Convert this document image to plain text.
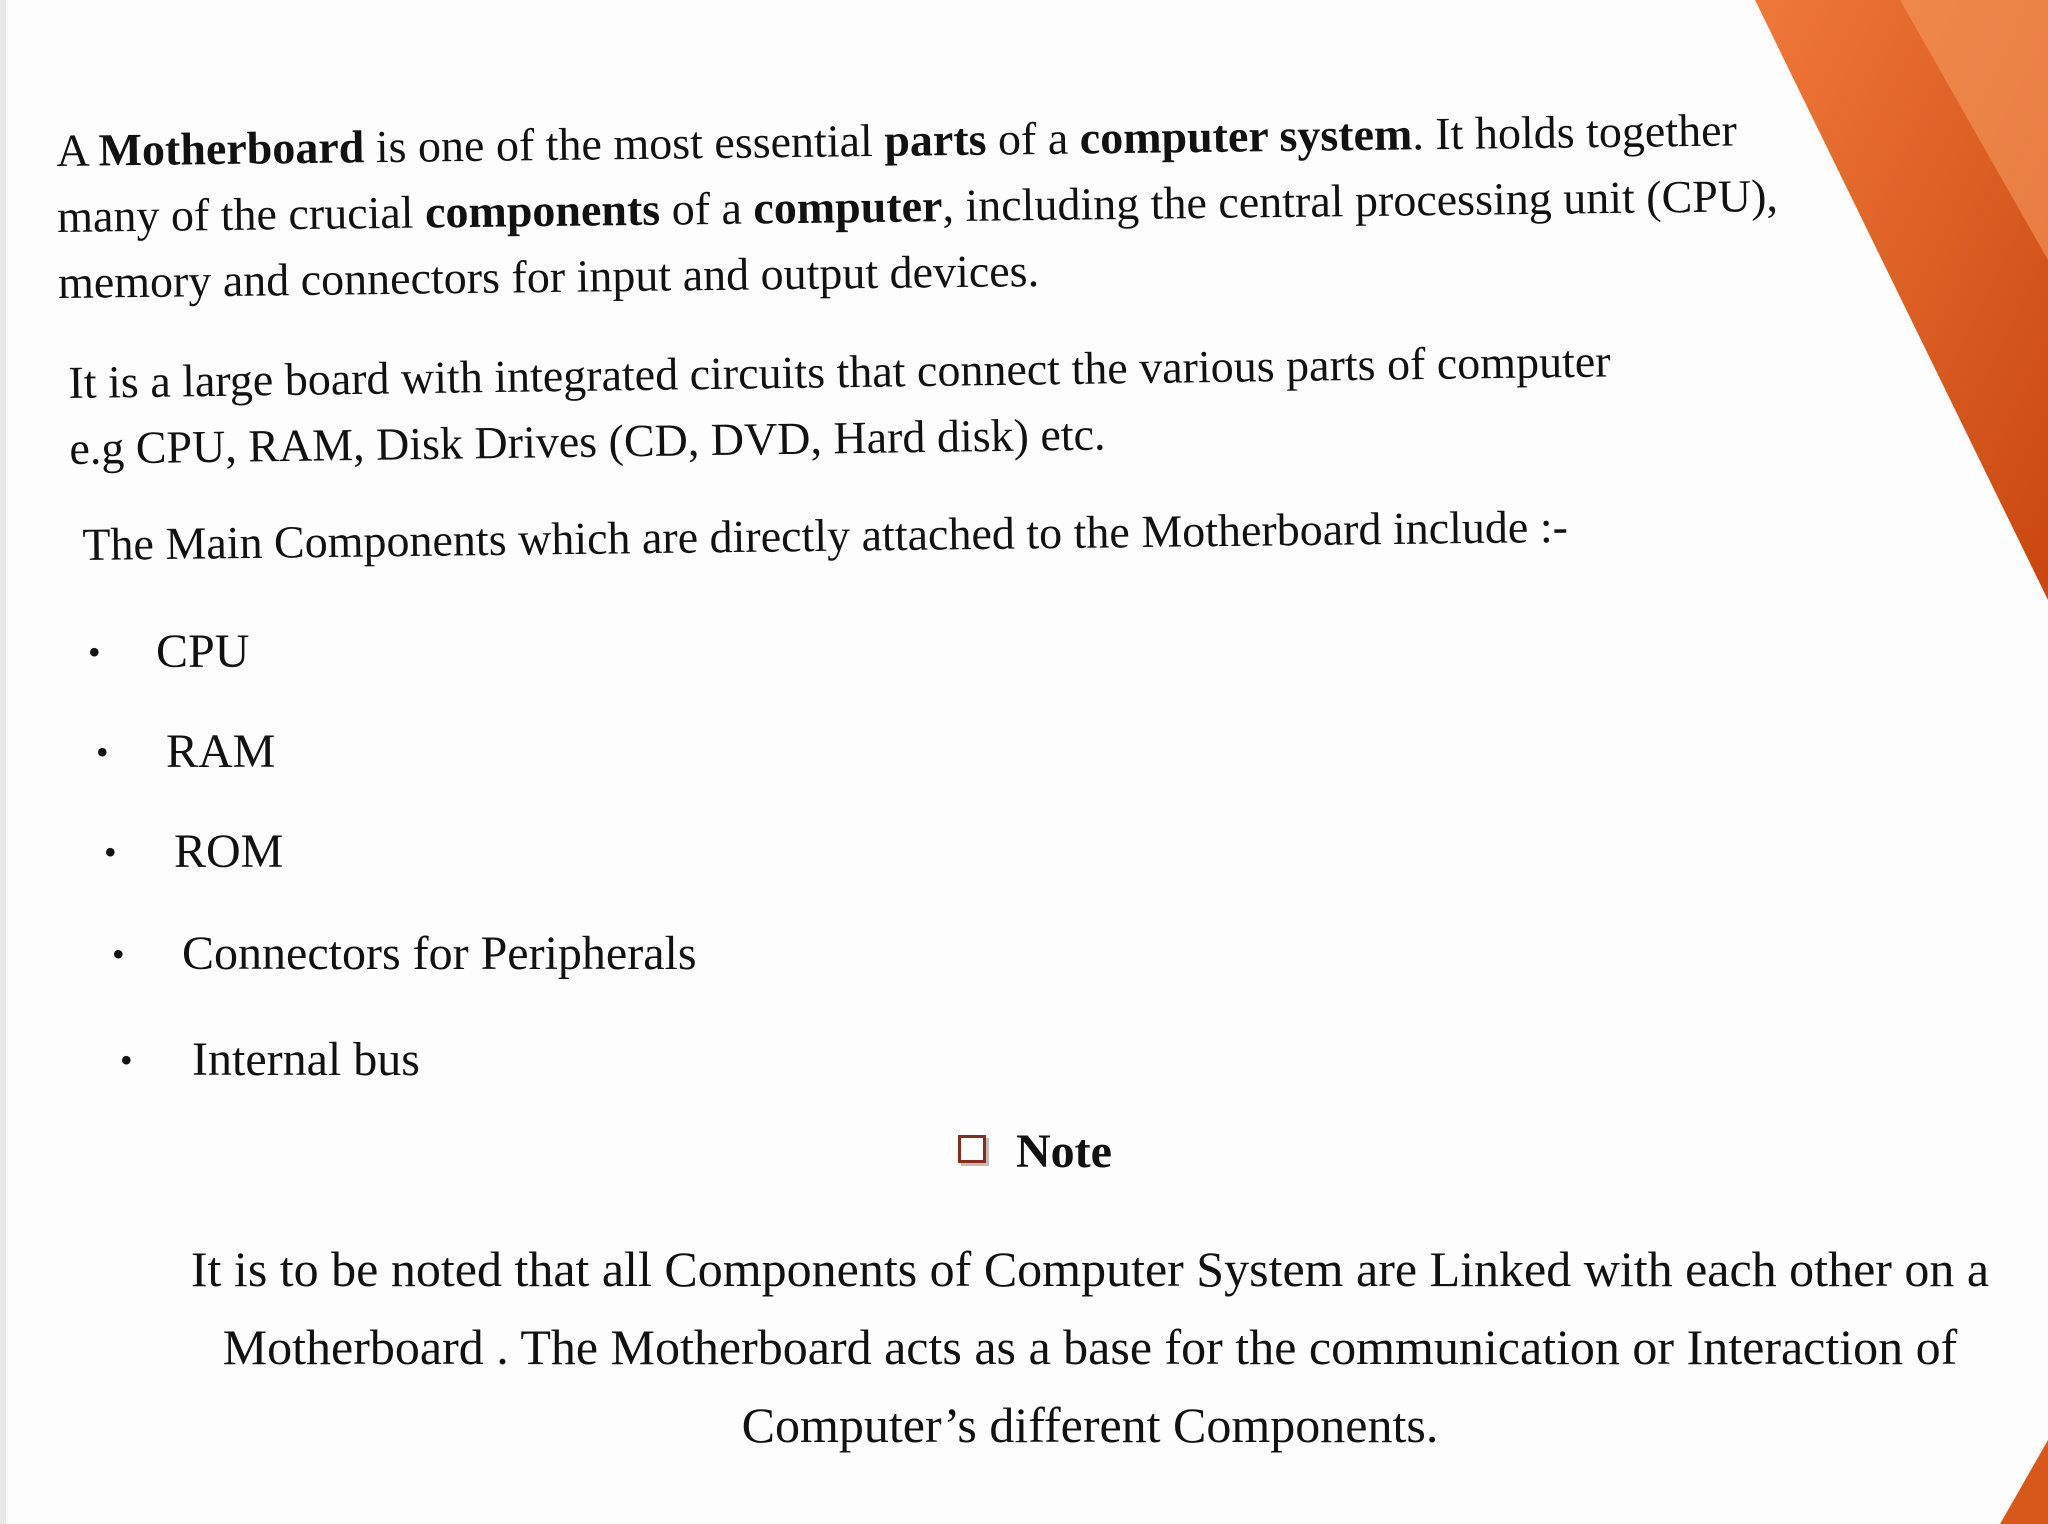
A Motherboard is one of the most essential parts of a computer system. It holds together many of the crucial components of a computer, including the central processing unit (CPU), memory and connectors for input and output devices.

It is a large board with integrated circuits that connect the various parts of computer e.g CPU, RAM, Disk Drives (CD, DVD, Hard disk) etc.

The Main Components which are directly attached to the Motherboard include :-

• CPU
• RAM
• ROM
• Connectors for Peripherals
• Internal bus
Note

It is to be noted that all Components of Computer System are Linked with each other on a Motherboard . The Motherboard acts as a base for the communication or Interaction of Computer’s different Components.
